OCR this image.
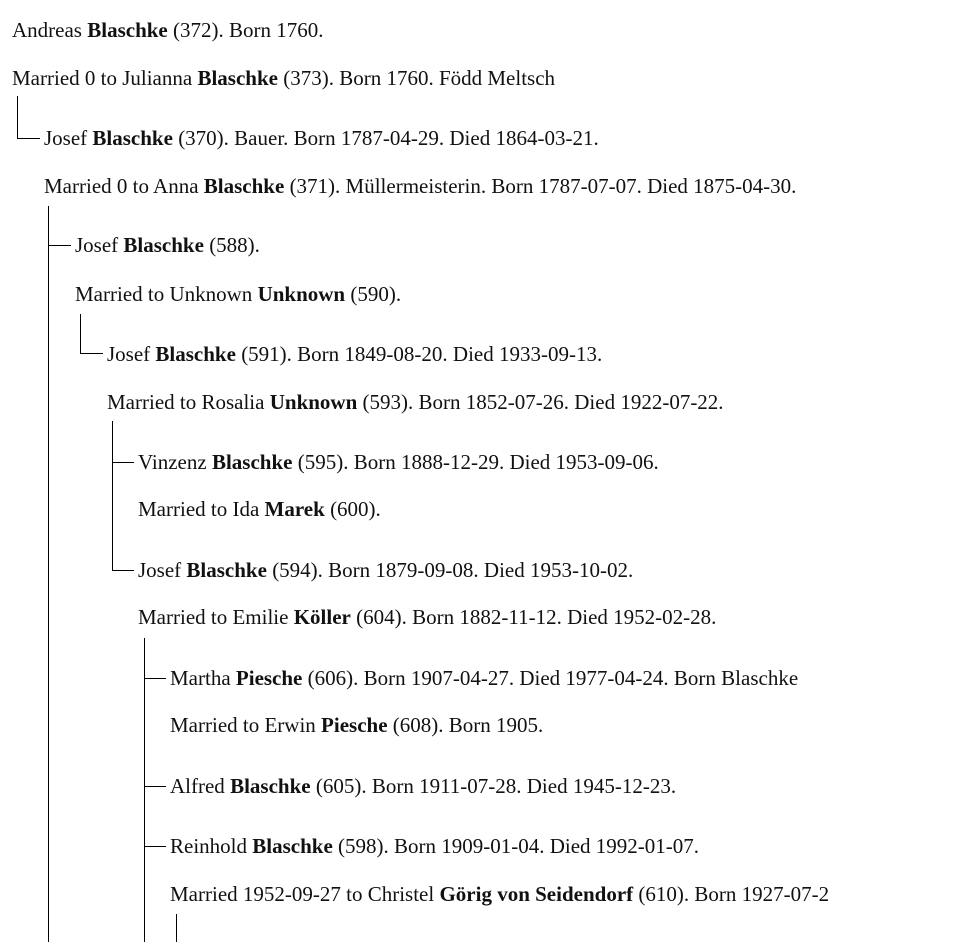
Andreas Blaschke (372). Born 1760.
Married 0 to Julianna Blaschke (373). Born 1760. Född Meltsch
Josef Blaschke (370). Bauer. Born 1787-04-29. Died 1864-03-21.
Married 0 to Anna Blaschke (371). Müllermeisterin. Born 1787-07-07. Died 1875-04-30.
Josef Blaschke (588).
Married to Unknown Unknown (590).
Josef Blaschke (591). Born 1849-08-20. Died 1933-09-13.
Married to Rosalia Unknown (593). Born 1852-07-26. Died 1922-07-22.
Vinzenz Blaschke (595). Born 1888-12-29. Died 1953-09-06.
Married to Ida Marek (600).
Josef Blaschke (594). Born 1879-09-08. Died 1953-10-02.
Married to Emilie Köller (604). Born 1882-11-12. Died 1952-02-28.
Martha Piesche (606). Born 1907-04-27. Died 1977-04-24. Born Blaschke
Married to Erwin Piesche (608). Born 1905.
Alfred Blaschke (605). Born 1911-07-28. Died 1945-12-23.
Reinhold Blaschke (598). Born 1909-01-04. Died 1992-01-07.
Married 1952-09-27 to Christel Görig von Seidendorf (610). Born 1927-07-2
